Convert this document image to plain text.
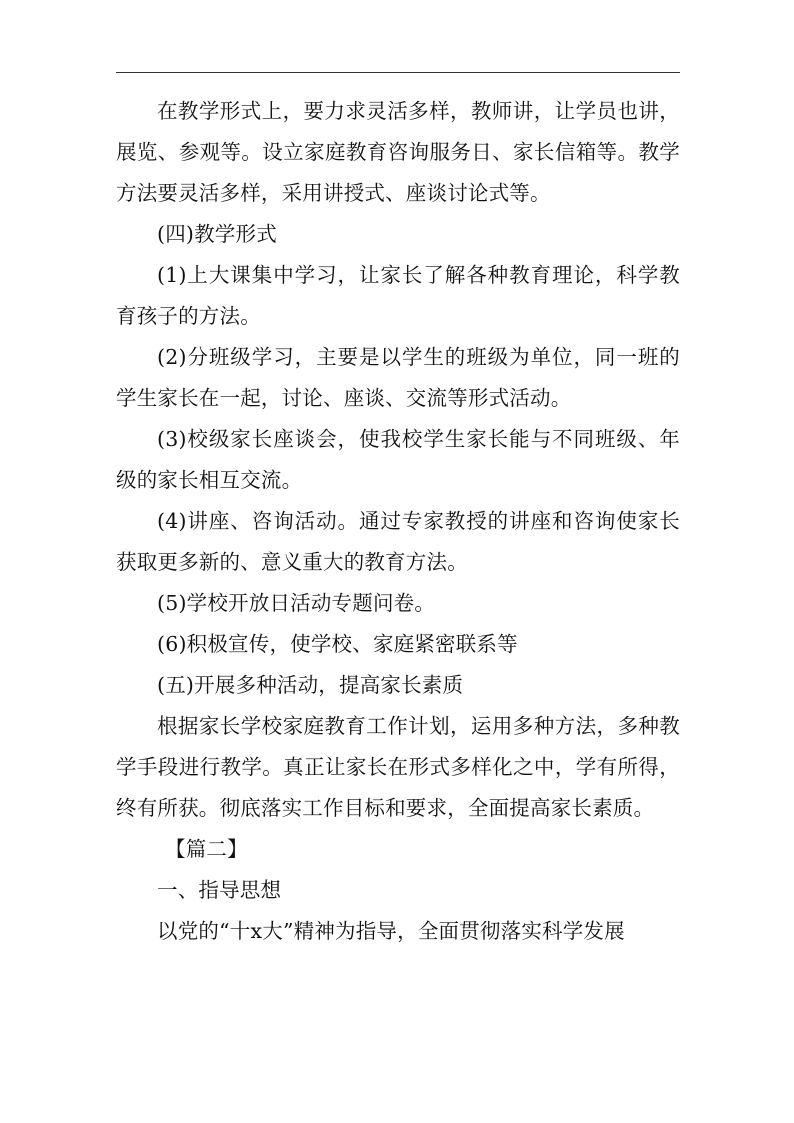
在教学形式上，要力求灵活多样，教师讲，让学员也讲，展览、参观等。设立家庭教育咨询服务日、家长信箱等。教学方法要灵活多样，采用讲授式、座谈讨论式等。

(四)教学形式

(1)上大课集中学习，让家长了解各种教育理论，科学教育孩子的方法。

(2)分班级学习，主要是以学生的班级为单位，同一班的学生家长在一起，讨论、座谈、交流等形式活动。

(3)校级家长座谈会，使我校学生家长能与不同班级、年级的家长相互交流。

(4)讲座、咨询活动。通过专家教授的讲座和咨询使家长获取更多新的、意义重大的教育方法。

(5)学校开放日活动专题问卷。

(6)积极宣传，使学校、家庭紧密联系等

(五)开展多种活动，提高家长素质

根据家长学校家庭教育工作计划，运用多种方法，多种教学手段进行教学。真正让家长在形式多样化之中，学有所得，终有所获。彻底落实工作目标和要求，全面提高家长素质。

【篇二】

一、指导思想

以党的“十x大”精神为指导，全面贯彻落实科学发展
